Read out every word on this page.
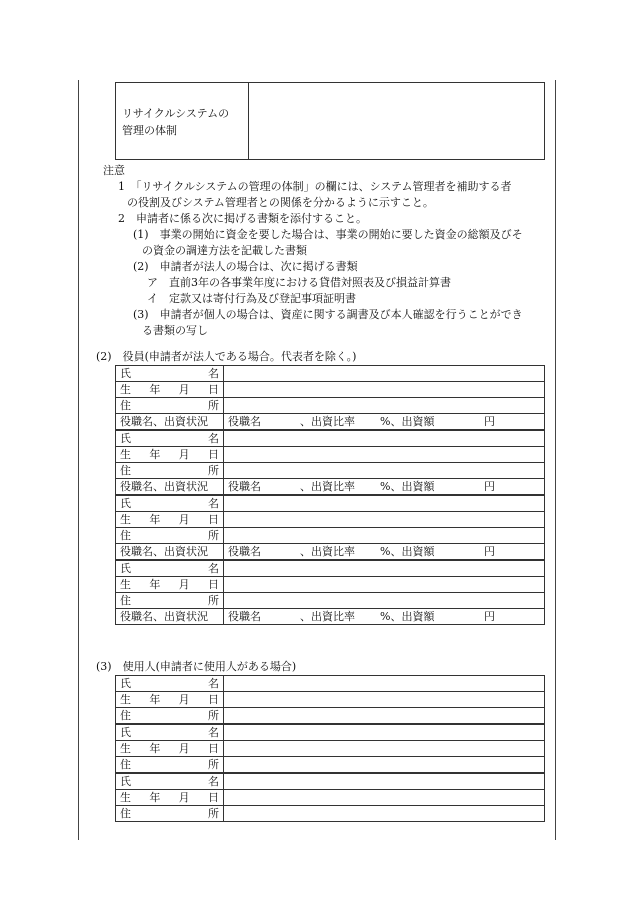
リサイクルシステムの
管理の体制
注意
1　「リサイクルシステムの管理の体制」の欄には、システム管理者を補助する者
の役割及びシステム管理者との関係を分かるように示すこと。
2　申請者に係る次に掲げる書類を添付すること。
(1)　事業の開始に資金を要した場合は、事業の開始に要した資金の総額及びそ
の資金の調達方法を記載した書類
(2)　申請者が法人の場合は、次に掲げる書類
ア　直前3年の各事業年度における貸借対照表及び損益計算書
イ　定款又は寄付行為及び登記事項証明書
(3)　申請者が個人の場合は、資産に関する調書及び本人確認を行うことができ
る書類の写し
(2)　役員(申請者が法人である場合。代表者を除く。)
氏 名	

生 年 月 日	

住 所	

役職名、出資状況	役職名 、出資比率 %、出資額 円

氏 名	

生 年 月 日	

住 所	

役職名、出資状況	役職名 、出資比率 %、出資額 円

氏 名	

生 年 月 日	

住 所	

役職名、出資状況	役職名 、出資比率 %、出資額 円

氏 名	

生 年 月 日	

住 所	

役職名、出資状況	役職名 、出資比率 %、出資額 円
(3)　使用人(申請者に使用人がある場合)
氏 名	

生 年 月 日	

住 所	

氏 名	

生 年 月 日	

住 所	

氏 名	

生 年 月 日	

住 所	
